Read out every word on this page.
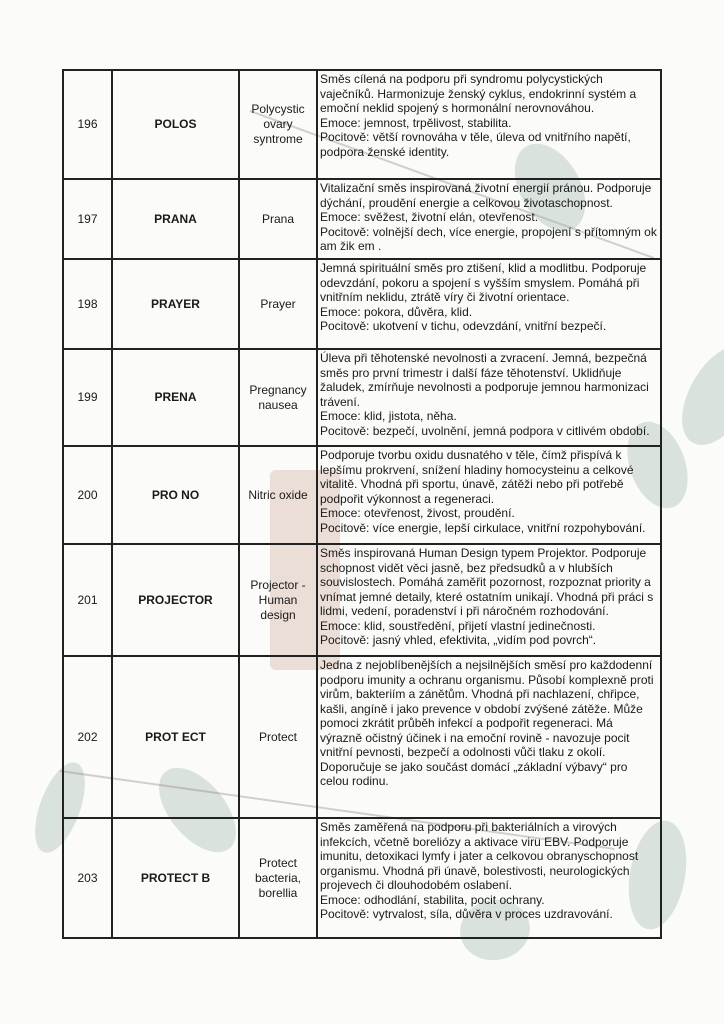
196	POLOS	Polycystic ovary syntrome	Směs cílená na podporu při syndromu polycystických vaječníků. Harmonizuje ženský cyklus, endokrinní systém a emoční neklid spojený s hormonální nerovnováhou.
Emoce: jemnost, trpělivost, stabilita.
Pocitově: větší rovnováha v těle, úleva od vnitřního napětí, podpora ženské identity.

197	PRANA	Prana	Vitalizační směs inspirovaná životní energií pránou. Podporuje dýchání, proudění energie a celkovou životaschopnost.
Emoce: svěžest, životní elán, otevřenost.
Pocitově: volnější dech, více energie, propojení s přítomným ok am žik em .

198	PRAYER	Prayer	Jemná spirituální směs pro ztišení, klid a modlitbu. Podporuje odevzdání, pokoru a spojení s vyšším smyslem. Pomáhá při vnitřním neklidu, ztrátě víry či životní orientace.
Emoce: pokora, důvěra, klid.
Pocitově: ukotvení v tichu, odevzdání, vnitřní bezpečí.

199	PRENA	Pregnancy nausea	Úleva při těhotenské nevolnosti a zvracení. Jemná, bezpečná směs pro první trimestr i další fáze těhotenství. Uklidňuje žaludek, zmírňuje nevolnosti a podporuje jemnou harmonizaci trávení.
Emoce: klid, jistota, něha.
Pocitově: bezpečí, uvolnění, jemná podpora v citlivém období.

200	PRO NO	Nitric oxide	Podporuje tvorbu oxidu dusnatého v těle, čímž přispívá k lepšímu prokrvení, snížení hladiny homocysteinu a celkové vitalitě. Vhodná při sportu, únavě, zátěži nebo při potřebě podpořit výkonnost a regeneraci.
Emoce: otevřenost, živost, proudění.
Pocitově: více energie, lepší cirkulace, vnitřní rozpohybování.

201	PROJECTOR	Projector - Human design	Směs inspirovaná Human Design typem Projektor. Podporuje schopnost vidět věci jasně, bez předsudků a v hlubších souvislostech. Pomáhá zaměřit pozornost, rozpoznat priority a vnímat jemné detaily, které ostatním unikají. Vhodná při práci s lidmi, vedení, poradenství i při náročném rozhodování.
Emoce: klid, soustředění, přijetí vlastní jedinečnosti.
Pocitově: jasný vhled, efektivita, „vidím pod povrch“.

202	PROT ECT	Protect	Jedna z nejoblíbenějších a nejsilnějších směsí pro každodenní podporu imunity a ochranu organismu. Působí komplexně proti virům, bakteriím a zánětům. Vhodná při nachlazení, chřipce, kašli, angíně i jako prevence v období zvýšené zátěže. Může pomoci zkrátit průběh infekcí a podpořit regeneraci. Má výrazně očistný účinek i na emoční rovině - navozuje pocit vnitřní pevnosti, bezpečí a odolnosti vůči tlaku z okolí. Doporučuje se jako součást domácí „základní výbavy“ pro celou rodinu.

203	PROTECT B	Protect bacteria, borellia	Směs zaměřená na podporu při bakteriálních a virových infekcích, včetně boreliózy a aktivace viru EBV. Podporuje imunitu, detoxikaci lymfy i jater a celkovou obranyschopnost organismu. Vhodná při únavě, bolestivosti, neurologických projevech či dlouhodobém oslabení.
Emoce: odhodlání, stabilita, pocit ochrany.
Pocitově: vytrvalost, síla, důvěra v proces uzdravování.
